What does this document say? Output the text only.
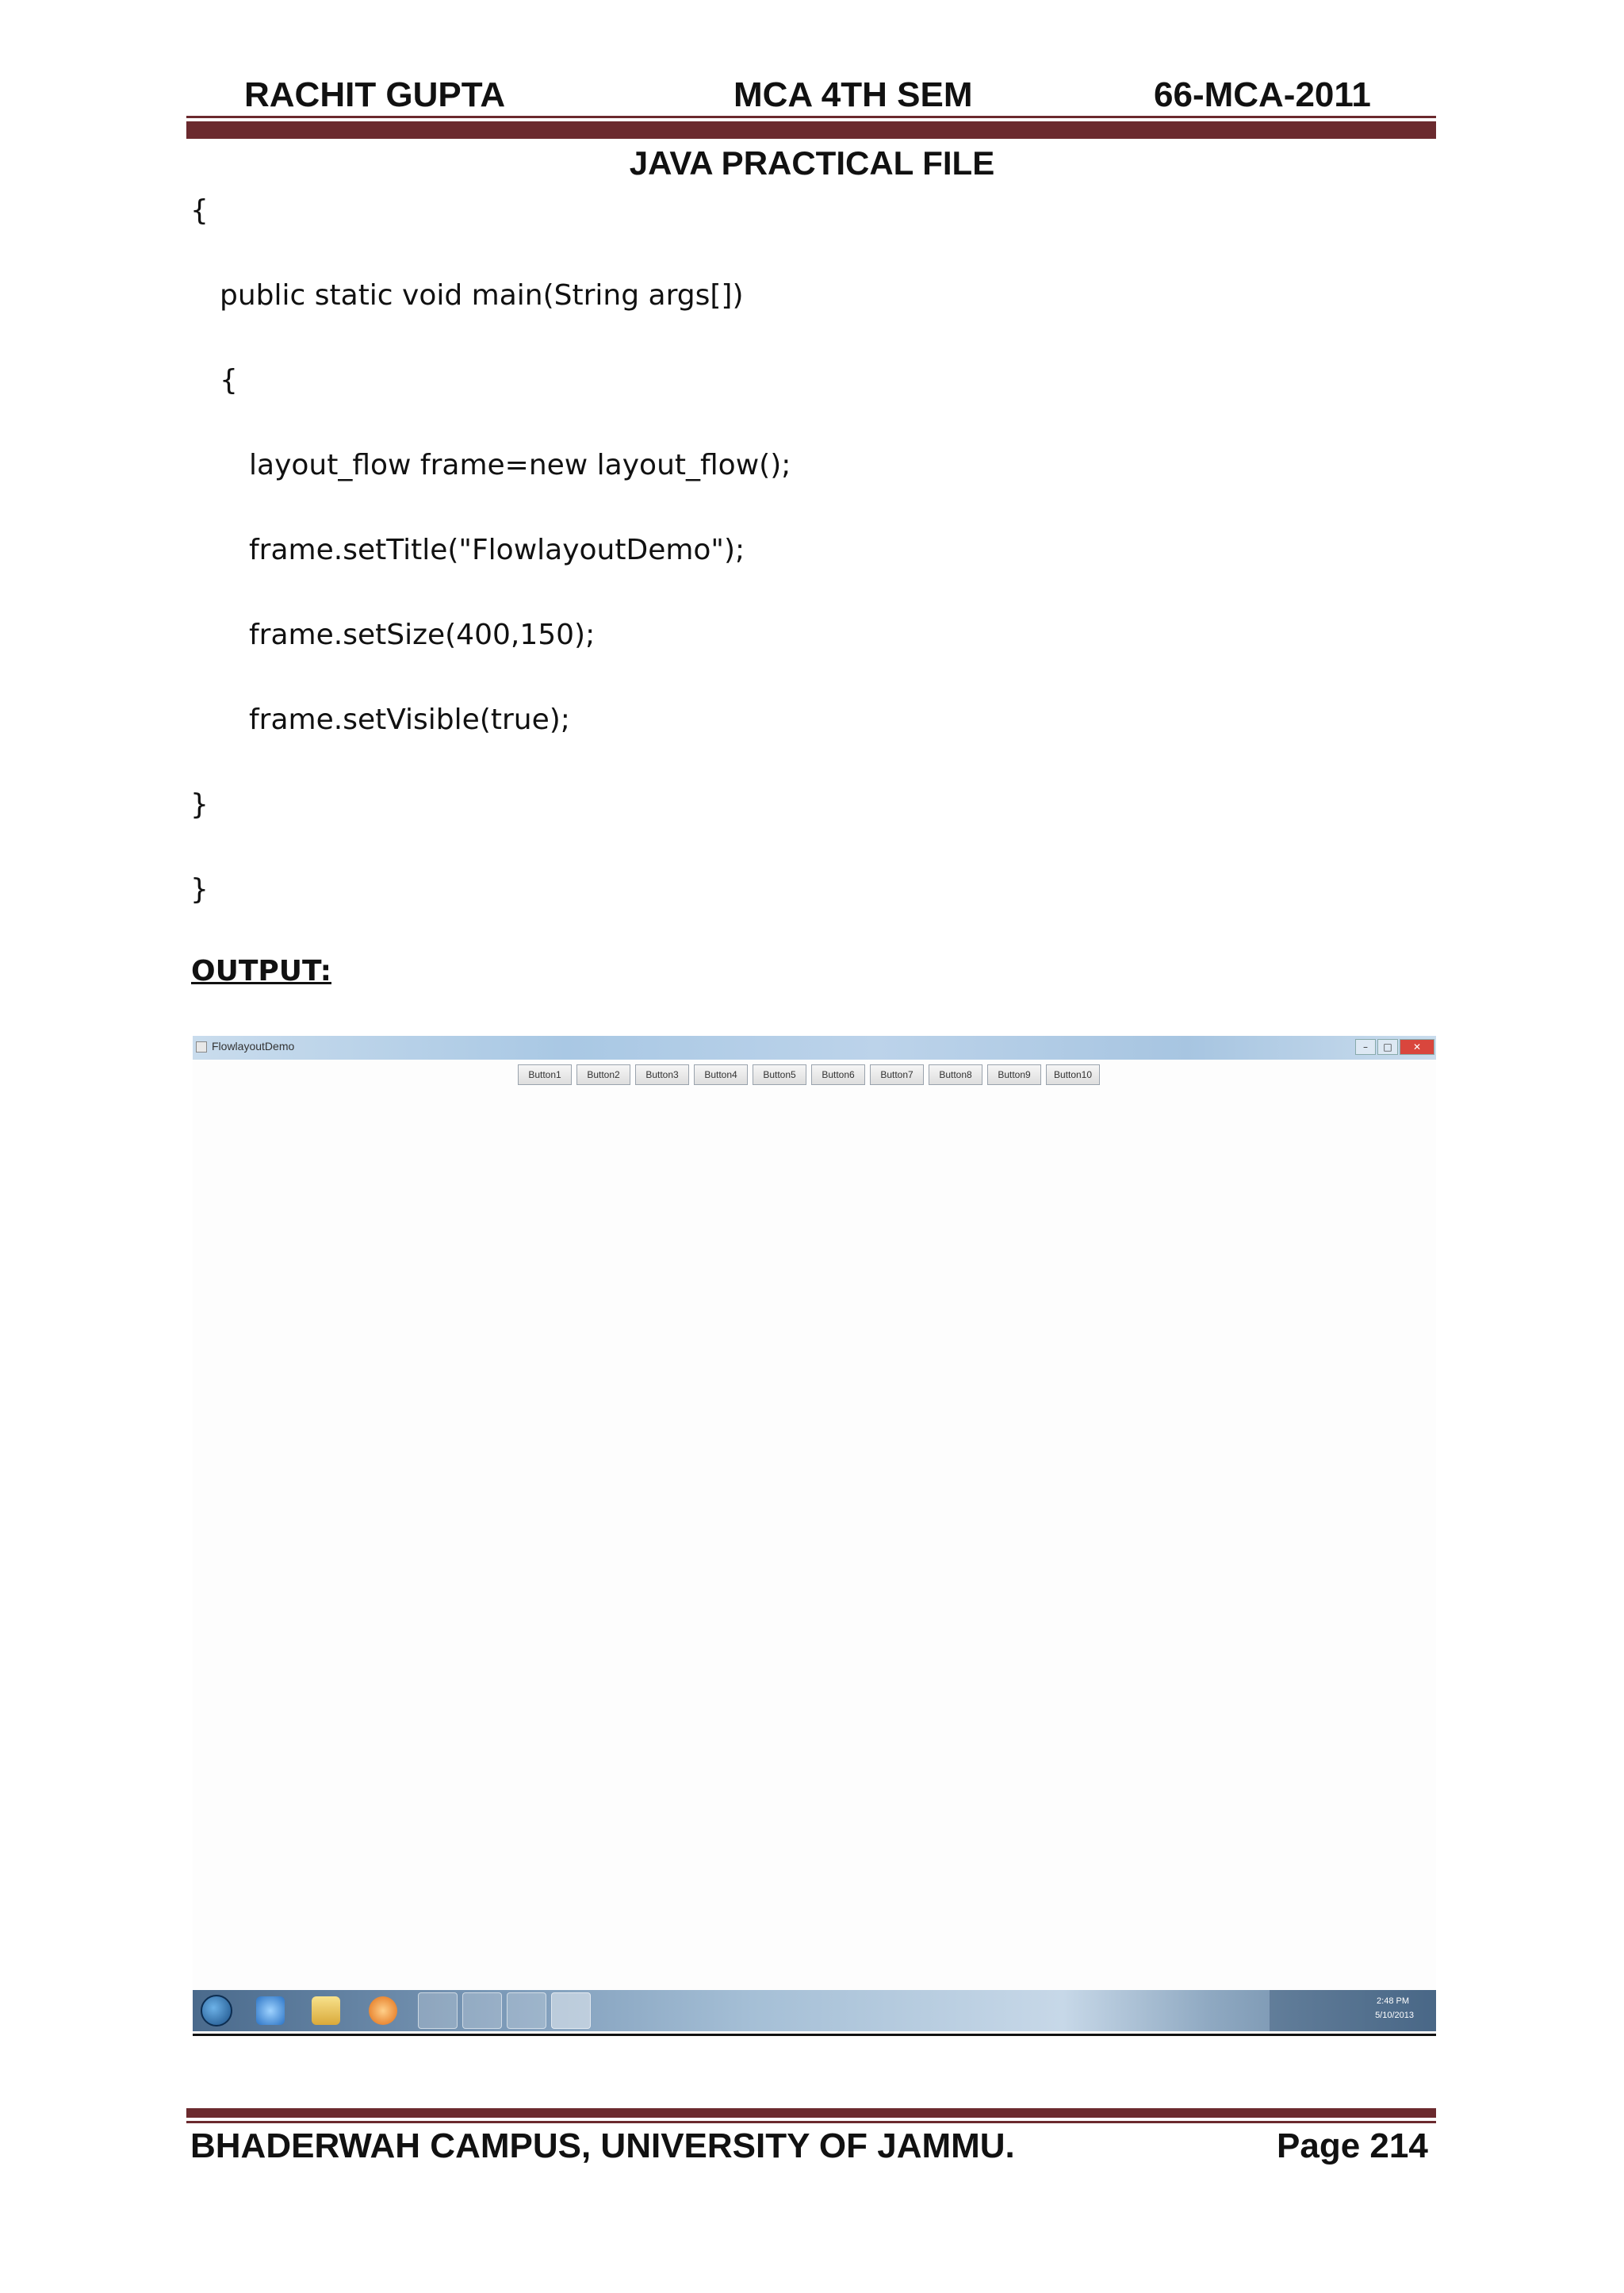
RACHIT GUPTA	MCA 4TH SEM	66-MCA-2011
JAVA PRACTICAL FILE
{
public static void main(String args[])
{
layout_flow frame=new layout_flow();
frame.setTitle("FlowlayoutDemo");
frame.setSize(400,150);
frame.setVisible(true);
}
}
OUTPUT:
FlowlayoutDemo	–	□	✕
Button1	Button2	Button3	Button4	Button5	Button6	Button7	Button8	Button9	Button10
2:48 PM
5/10/2013
BHADERWAH CAMPUS, UNIVERSITY OF JAMMU.	Page 214
